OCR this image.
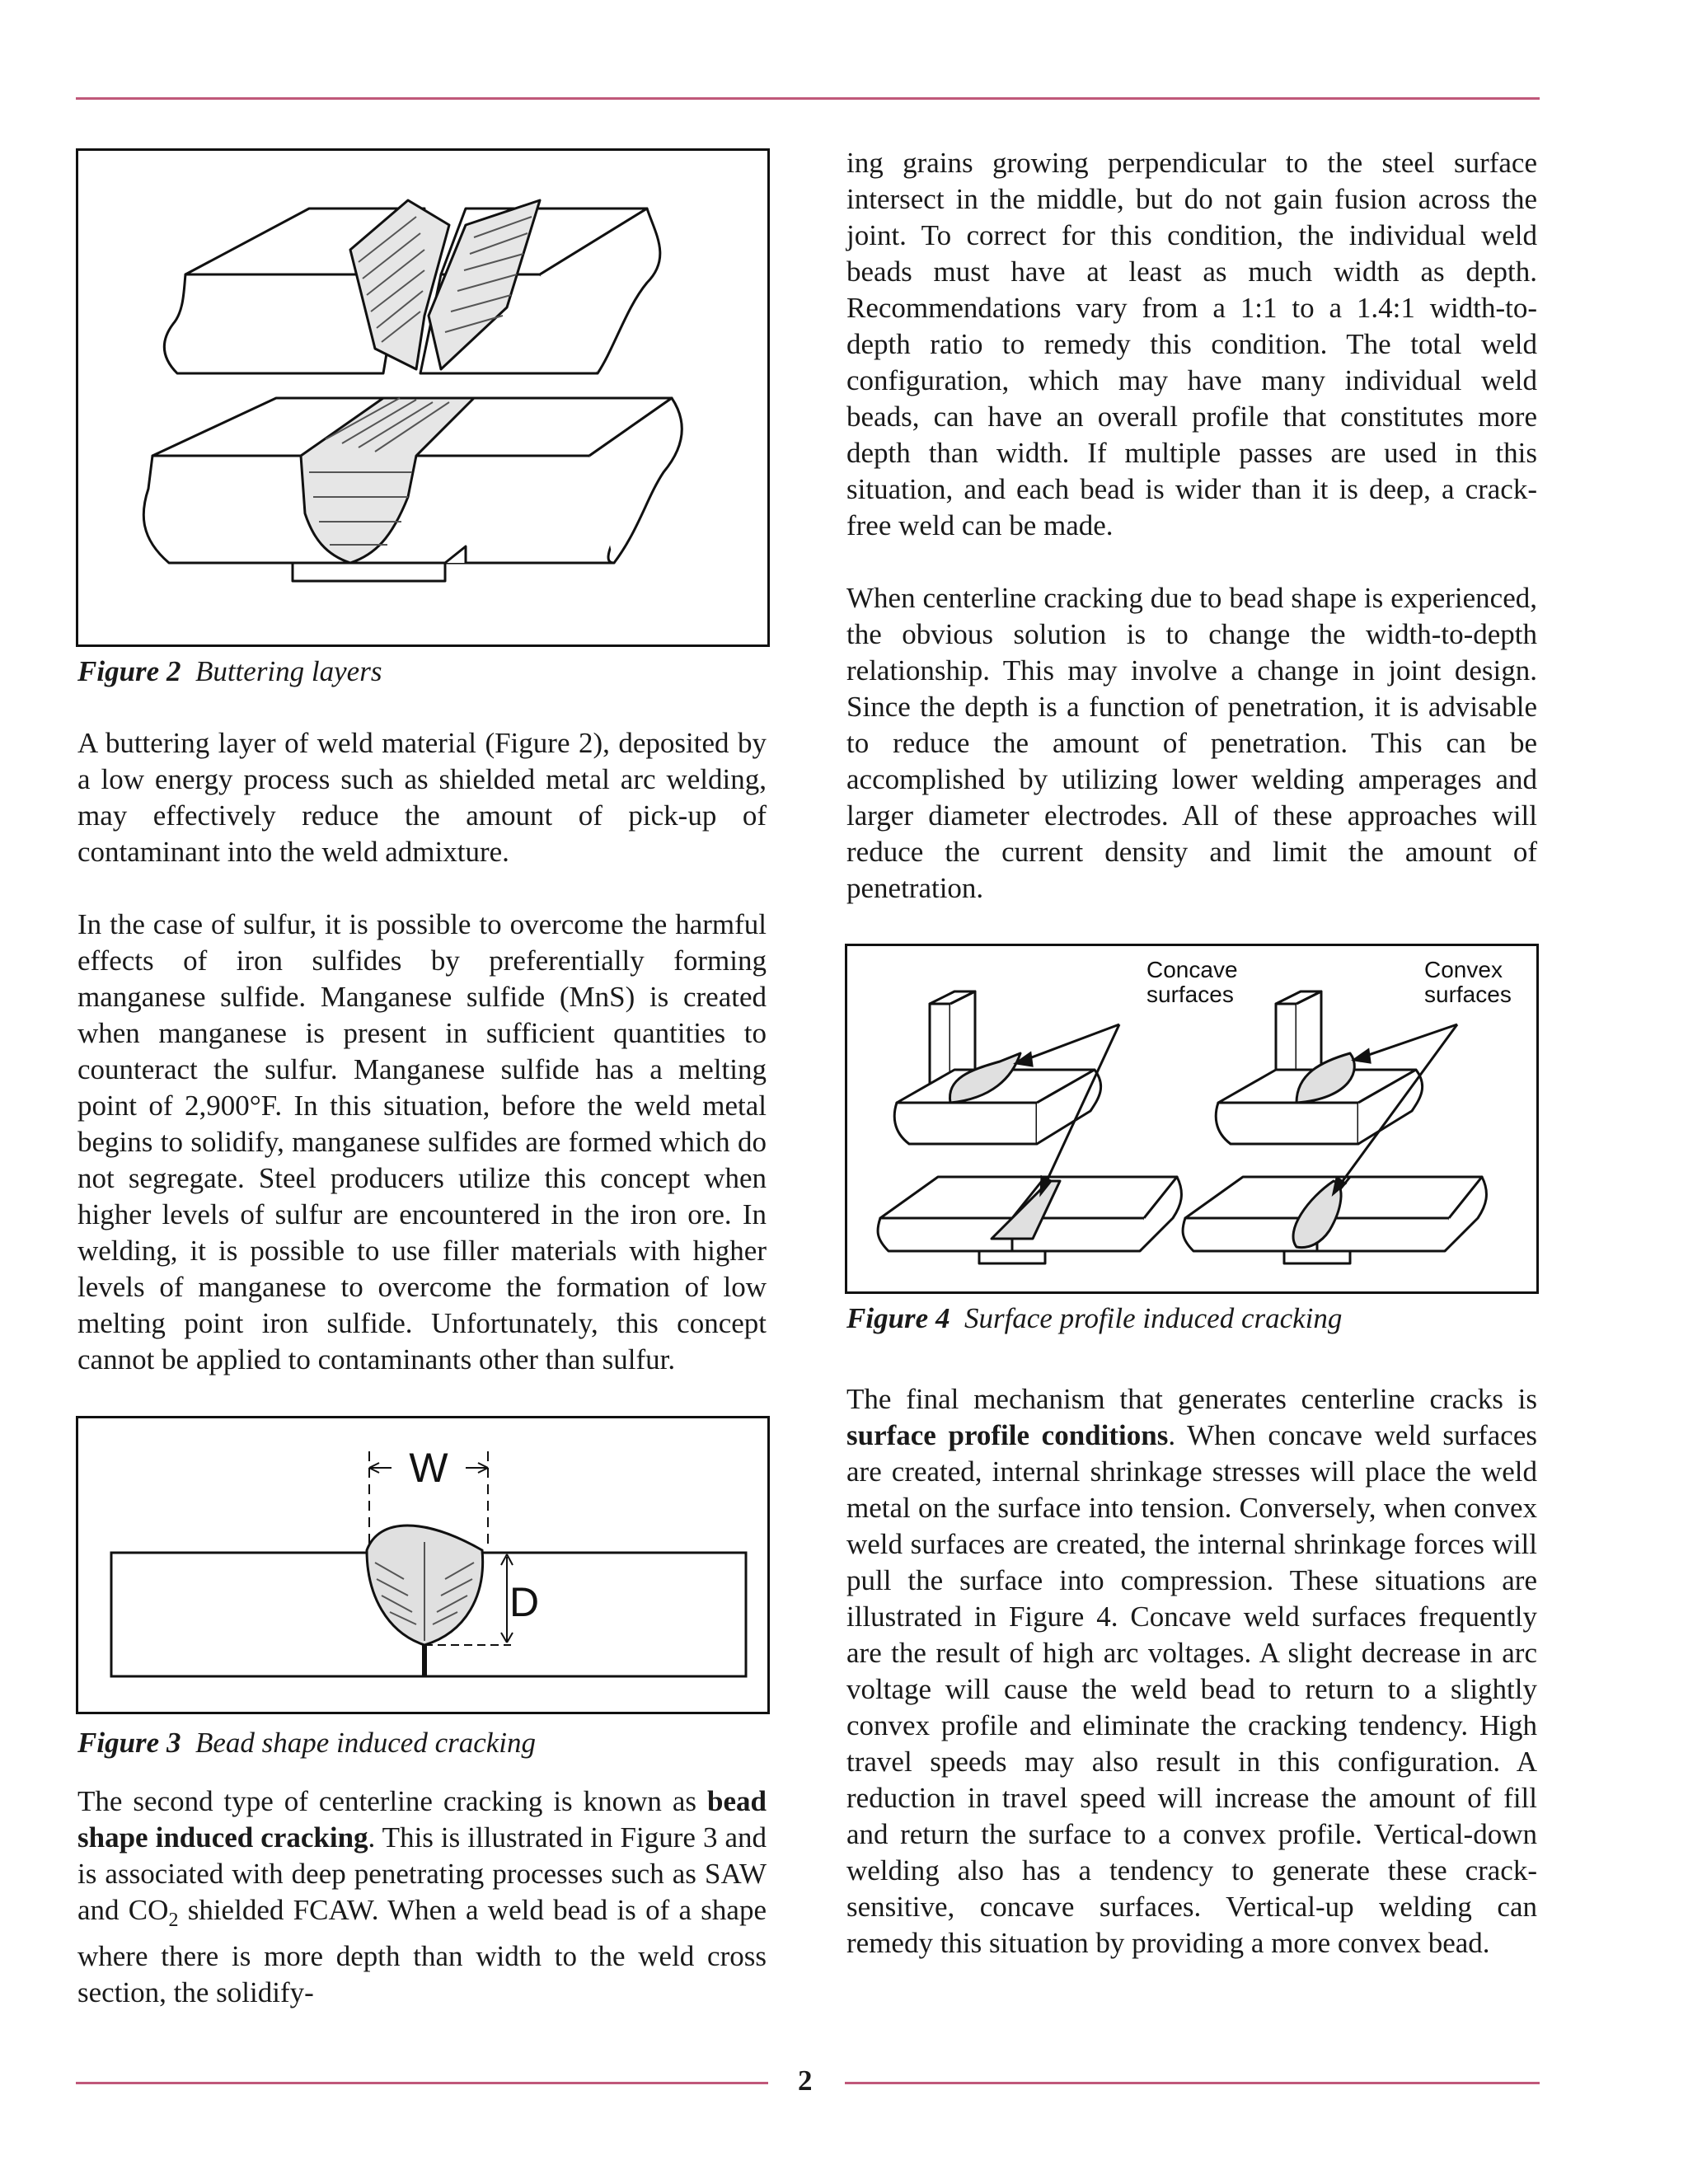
Figure 2 Buttering layers

A buttering layer of weld material (Figure 2), deposited by a low energy process such as shielded metal arc welding, may effectively reduce the amount of pick-up of contaminant into the weld admixture.

In the case of sulfur, it is possible to overcome the harmful effects of iron sulfides by preferentially forming manganese sulfide. Manganese sulfide (MnS) is created when manganese is present in sufficient quantities to counteract the sulfur. Manganese sulfide has a melting point of 2,900°F. In this situation, before the weld metal begins to solidify, manganese sulfides are formed which do not segregate. Steel producers utilize this concept when higher levels of sulfur are encountered in the iron ore. In welding, it is possible to use filler materials with higher levels of manganese to overcome the formation of low melting point iron sulfide. Unfortunately, this concept cannot be applied to contaminants other than sulfur.

W
D
Figure 3 Bead shape induced cracking

The second type of centerline cracking is known as bead shape induced cracking. This is illustrated in Figure 3 and is associated with deep penetrating processes such as SAW and $CO_2$ shielded FCAW. When a weld bead is of a shape where there is more depth than width to the weld cross section, the solidify-

ing grains growing perpendicular to the steel surface intersect in the middle, but do not gain fusion across the joint. To correct for this condition, the individual weld beads must have at least as much width as depth. Recommendations vary from a 1:1 to a 1.4:1 width-to-depth ratio to remedy this condition. The total weld configuration, which may have many individual weld beads, can have an overall profile that constitutes more depth than width. If multiple passes are used in this situation, and each bead is wider than it is deep, a crack-free weld can be made.

When centerline cracking due to bead shape is experienced, the obvious solution is to change the width-to-depth relationship. This may involve a change in joint design. Since the depth is a function of penetration, it is advisable to reduce the amount of penetration. This can be accomplished by utilizing lower welding amperages and larger diameter electrodes. All of these approaches will reduce the current density and limit the amount of penetration.

Concave
surfaces
Convex
surfaces
Figure 4 Surface profile induced cracking

The final mechanism that generates centerline cracks is surface profile conditions. When concave weld surfaces are created, internal shrinkage stresses will place the weld metal on the surface into tension. Conversely, when convex weld surfaces are created, the internal shrinkage forces will pull the surface into compression. These situations are illustrated in Figure 4. Concave weld surfaces frequently are the result of high arc voltages. A slight decrease in arc voltage will cause the weld bead to return to a slightly convex profile and eliminate the cracking tendency. High travel speeds may also result in this configuration. A reduction in travel speed will increase the amount of fill and return the surface to a convex profile. Vertical-down welding also has a tendency to generate these crack-sensitive, concave surfaces. Vertical-up welding can remedy this situation by providing a more convex bead.

2
